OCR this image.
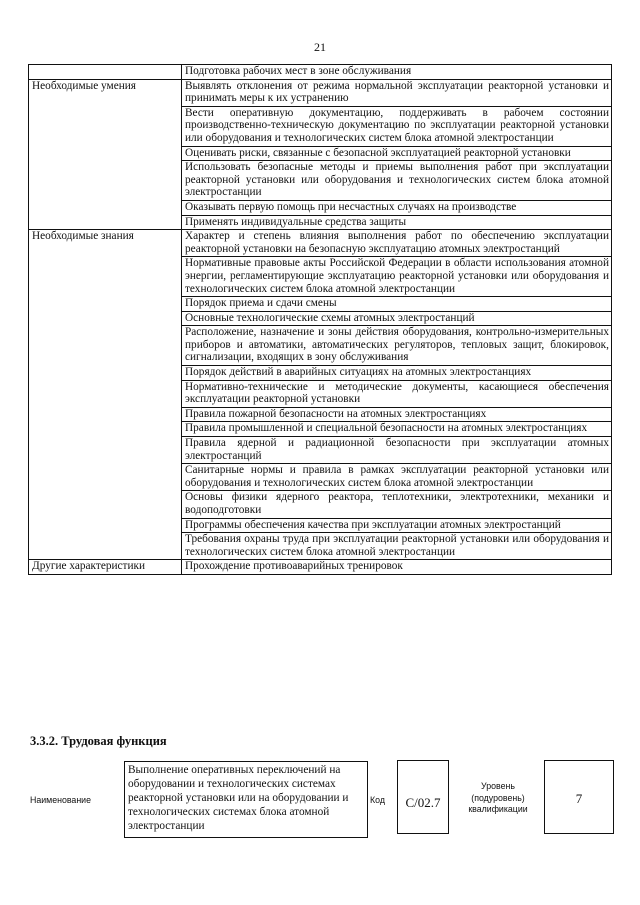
21
	Подготовка рабочих мест в зоне обслуживания
Необходимые умения	Выявлять отклонения от режима нормальной эксплуатации реакторной установки и принимать меры к их устранению
	Вести оперативную документацию, поддерживать в рабочем состоянии производственно-техническую документацию по эксплуатации реакторной установки или оборудования и технологических систем блока атомной электростанции
	Оценивать риски, связанные с безопасной эксплуатацией реакторной установки
	Использовать безопасные методы и приемы выполнения работ при эксплуатации реакторной установки или оборудования и технологических систем блока атомной электростанции
	Оказывать первую помощь при несчастных случаях на производстве
	Применять индивидуальные средства защиты
Необходимые знания	Характер и степень влияния выполнения работ по обеспечению эксплуатации реакторной установки на безопасную эксплуатацию атомных электростанций
	Нормативные правовые акты Российской Федерации в области использования атомной энергии, регламентирующие эксплуатацию реакторной установки или оборудования и технологических систем блока атомной электростанции
	Порядок приема и сдачи смены
	Основные технологические схемы атомных электростанций
	Расположение, назначение и зоны действия оборудования, контрольно-измерительных приборов и автоматики, автоматических регуляторов, тепловых защит, блокировок, сигнализации, входящих в зону обслуживания
	Порядок действий в аварийных ситуациях на атомных электростанциях
	Нормативно-технические и методические документы, касающиеся обеспечения эксплуатации реакторной установки
	Правила пожарной безопасности на атомных электростанциях
	Правила промышленной и специальной безопасности на атомных электростанциях
	Правила ядерной и радиационной безопасности при эксплуатации атомных электростанций
	Санитарные нормы и правила в рамках эксплуатации реакторной установки или оборудования и технологических систем блока атомной электростанции
	Основы физики ядерного реактора, теплотехники, электротехники, механики и водоподготовки
	Программы обеспечения качества при эксплуатации атомных электростанций
	Требования охраны труда при эксплуатации реакторной установки или оборудования и технологических систем блока атомной электростанции
Другие характеристики	Прохождение противоаварийных тренировок
3.3.2. Трудовая функция
Наименование
Выполнение оперативных переключений на оборудовании и технологических системах реакторной установки или на оборудовании и технологических системах блока атомной электростанции
Код	C/02.7
Уровень (подуровень) квалификации
7
